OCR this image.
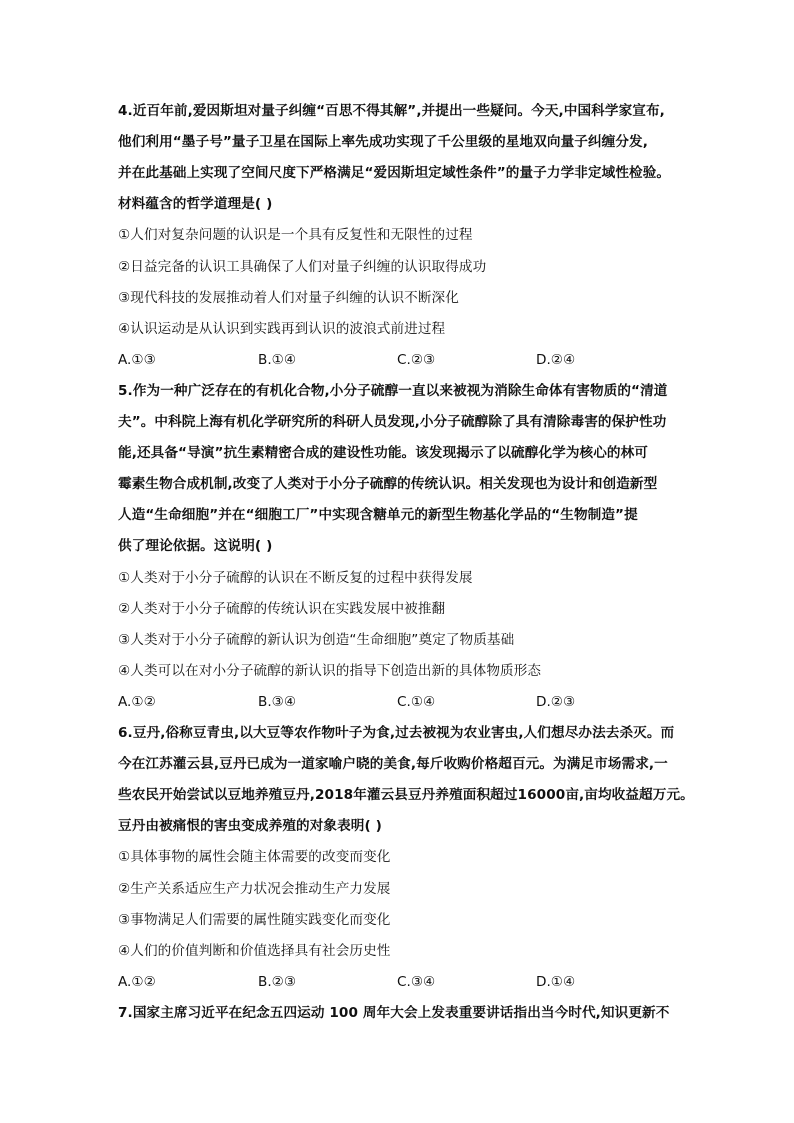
4.近百年前,爱因斯坦对量子纠缠“百思不得其解”,并提出一些疑问。今天,中国科学家宣布,
他们利用“墨子号”量子卫星在国际上率先成功实现了千公里级的星地双向量子纠缠分发,
并在此基础上实现了空间尺度下严格满足“爱因斯坦定域性条件”的量子力学非定域性检验。
材料蕴含的哲学道理是( )
①人们对复杂问题的认识是一个具有反复性和无限性的过程
②日益完备的认识工具确保了人们对量子纠缠的认识取得成功
③现代科技的发展推动着人们对量子纠缠的认识不断深化
④认识运动是从认识到实践再到认识的波浪式前进过程
A.①③	B.①④	C.②③	D.②④
5.作为一种广泛存在的有机化合物,小分子硫醇一直以来被视为消除生命体有害物质的“清道
夫”。中科院上海有机化学研究所的科研人员发现,小分子硫醇除了具有清除毒害的保护性功
能,还具备“导演”抗生素精密合成的建设性功能。该发现揭示了以硫醇化学为核心的林可
霉素生物合成机制,改变了人类对于小分子硫醇的传统认识。相关发现也为设计和创造新型
人造“生命细胞”并在“细胞工厂”中实现含糖单元的新型生物基化学品的“生物制造”提
供了理论依据。这说明( )
①人类对于小分子硫醇的认识在不断反复的过程中获得发展
②人类对于小分子硫醇的传统认识在实践发展中被推翻
③人类对于小分子硫醇的新认识为创造“生命细胞”奠定了物质基础
④人类可以在对小分子硫醇的新认识的指导下创造出新的具体物质形态
A.①②	B.③④	C.①④	D.②③
6.豆丹,俗称豆青虫,以大豆等农作物叶子为食,过去被视为农业害虫,人们想尽办法去杀灭。而
今在江苏灌云县,豆丹已成为一道家喻户晓的美食,每斤收购价格超百元。为满足市场需求,一
些农民开始尝试以豆地养殖豆丹,2018年灌云县豆丹养殖面积超过16000亩,亩均收益超万元。
豆丹由被痛恨的害虫变成养殖的对象表明( )
①具体事物的属性会随主体需要的改变而变化
②生产关系适应生产力状况会推动生产力发展
③事物满足人们需要的属性随实践变化而变化
④人们的价值判断和价值选择具有社会历史性
A.①②	B.②③	C.③④	D.①④
7.国家主席习近平在纪念五四运动 100 周年大会上发表重要讲话指出当今时代,知识更新不
